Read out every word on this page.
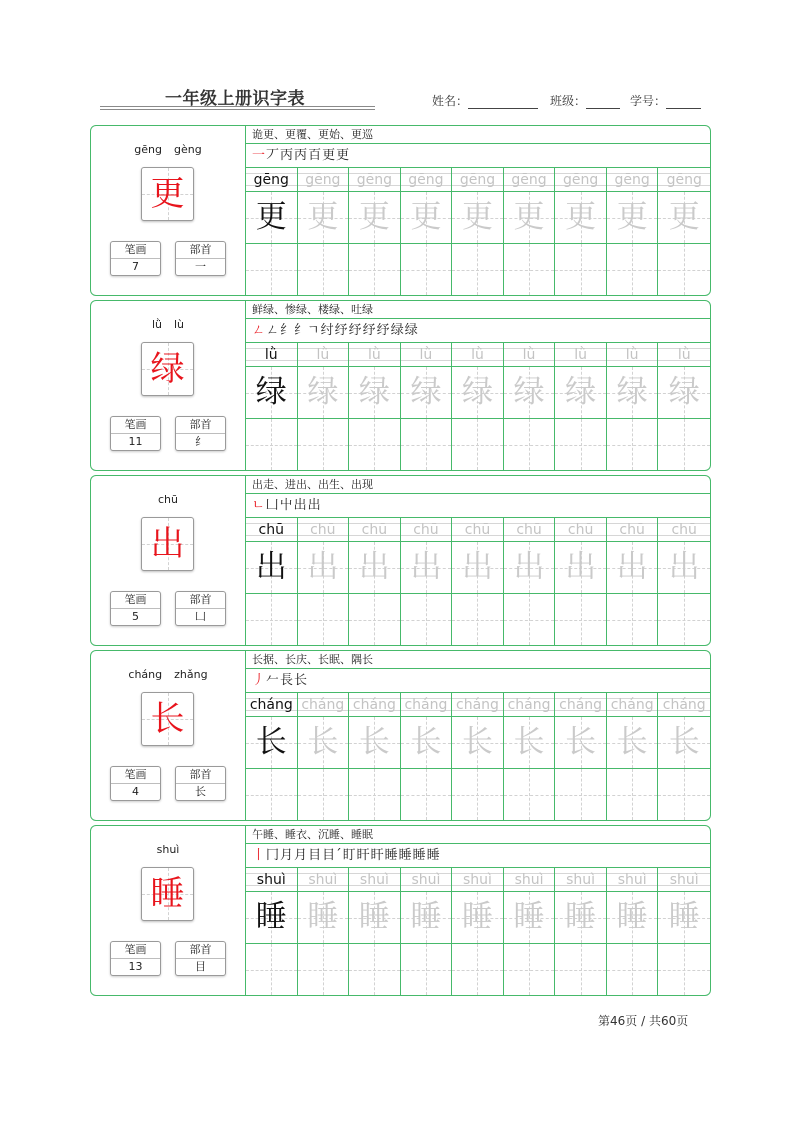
一年级上册识字表	姓名：	班级：	学号：
gēng gèng
更
笔画
7
部首
一
诡更、更覆、更始、更巡
一丆丙丙百更更
gēng	gēng	gēng	gēng	gēng	gēng	gēng	gēng	gēng
更 更 更 更 更 更 更 更 更
lǜ lù
绿
笔画
11
部首
纟
鲜绿、惨绿、楼绿、吐绿
ㄥㄥ纟纟ㄱ纣纾纾纾纾绿绿
lǜ	lǜ	lǜ	lǜ	lǜ	lǜ	lǜ	lǜ	lǜ
绿 绿 绿 绿 绿 绿 绿 绿 绿
chū
出
笔画
5
部首
凵
出走、进出、出生、出现
ㄴ凵屮出出
chū	chū	chū	chū	chū	chū	chū	chū	chū
出 出 出 出 出 出 出 出 出
cháng zhǎng
长
笔画
4
部首
长
长据、长庆、长眠、隅长
丿𠂉⻑长
cháng cháng cháng cháng cháng cháng cháng cháng cháng
长 长 长 长 长 长 长 长 长
shuì
睡
笔画
13
部首
目
午睡、睡衣、沉睡、睡眠
丨冂月月目目ˊ盯盰盰睡睡睡睡
shuì	shuì	shuì	shuì	shuì	shuì	shuì	shuì	shuì
睡 睡 睡 睡 睡 睡 睡 睡 睡
第46页 / 共60页
